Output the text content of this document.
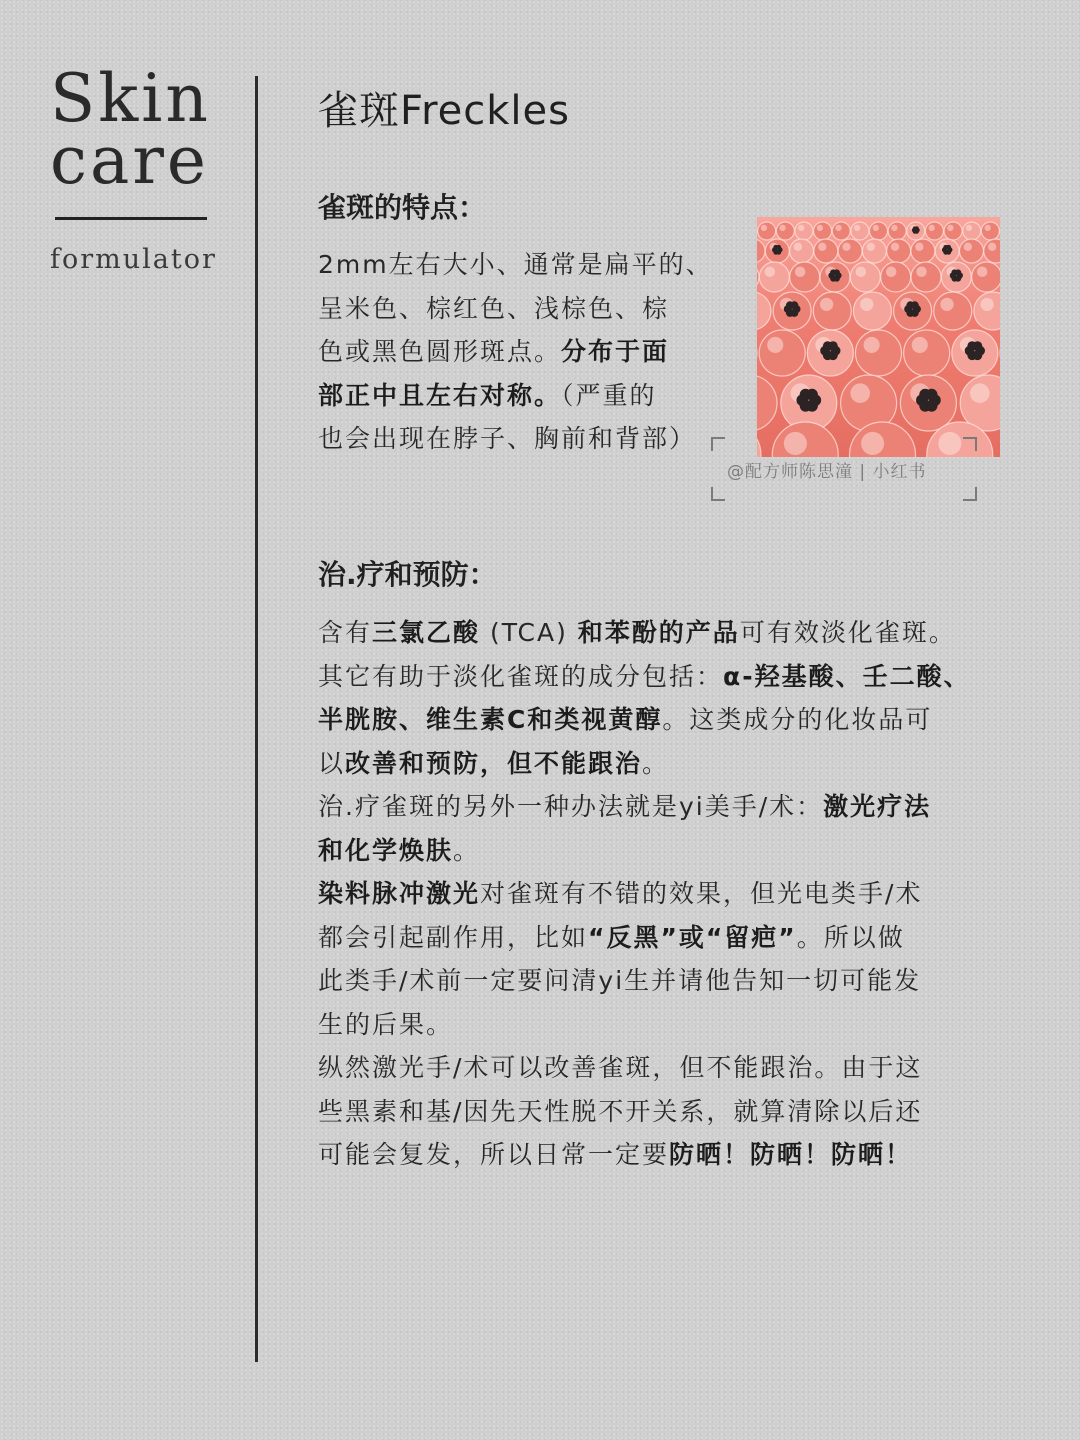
Skin
care
formulator
雀斑Freckles
雀斑的特点：
2mm左右大小、通常是扁平的、
呈米色、棕红色、浅棕色、棕
色或黑色圆形斑点。分布于面
部正中且左右对称。（严重的
也会出现在脖子、胸前和背部）
@配方师陈思潼 | 小红书
治.疗和预防：
含有三氯乙酸 (TCA) 和苯酚的产品可有效淡化雀斑。
其它有助于淡化雀斑的成分包括：α-羟基酸、壬二酸、
半胱胺、维生素C和类视黄醇。这类成分的化妆品可
以改善和预防，但不能跟治。
治.疗雀斑的另外一种办法就是yi美手/术：激光疗法
和化学焕肤。
染料脉冲激光对雀斑有不错的效果，但光电类手/术
都会引起副作用，比如“反黑”或“留疤”。所以做
此类手/术前一定要问清yi生并请他告知一切可能发
生的后果。
纵然激光手/术可以改善雀斑，但不能跟治。由于这
些黑素和基/因先天性脱不开关系，就算清除以后还
可能会复发，所以日常一定要防晒！防晒！防晒！
